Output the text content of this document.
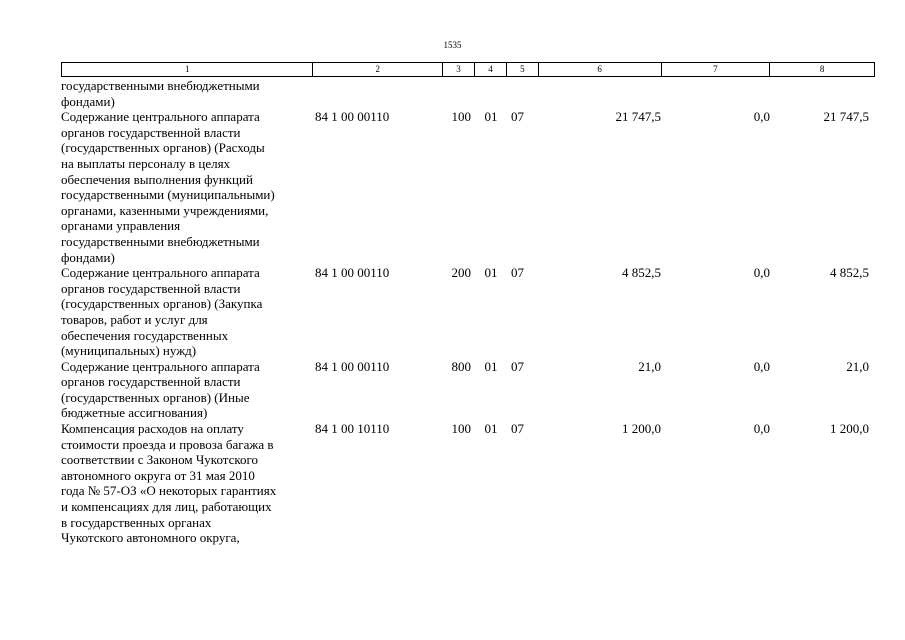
1535
1	2	3	4	5	6	7	8
государственными внебюджетными
фондами)
Содержание центрального аппарата
органов государственной власти
(государственных органов) (Расходы
на выплаты персоналу в целях
обеспечения выполнения функций
государственными (муниципальными)
органами, казенными учреждениями,
органами управления
государственными внебюджетными
фондами)
84 1 00 00110	100	01	07	21 747,5	0,0	21 747,5
Содержание центрального аппарата
органов государственной власти
(государственных органов) (Закупка
товаров, работ и услуг для
обеспечения государственных
(муниципальных) нужд)
84 1 00 00110	200	01	07	4 852,5	0,0	4 852,5
Содержание центрального аппарата
органов государственной власти
(государственных органов) (Иные
бюджетные ассигнования)
84 1 00 00110	800	01	07	21,0	0,0	21,0
Компенсация расходов на оплату
стоимости проезда и провоза багажа в
соответствии с Законом Чукотского
автономного округа от 31 мая 2010
года № 57-ОЗ «О некоторых гарантиях
и компенсациях для лиц, работающих
в государственных органах
Чукотского автономного округа,
84 1 00 10110	100	01	07	1 200,0	0,0	1 200,0
